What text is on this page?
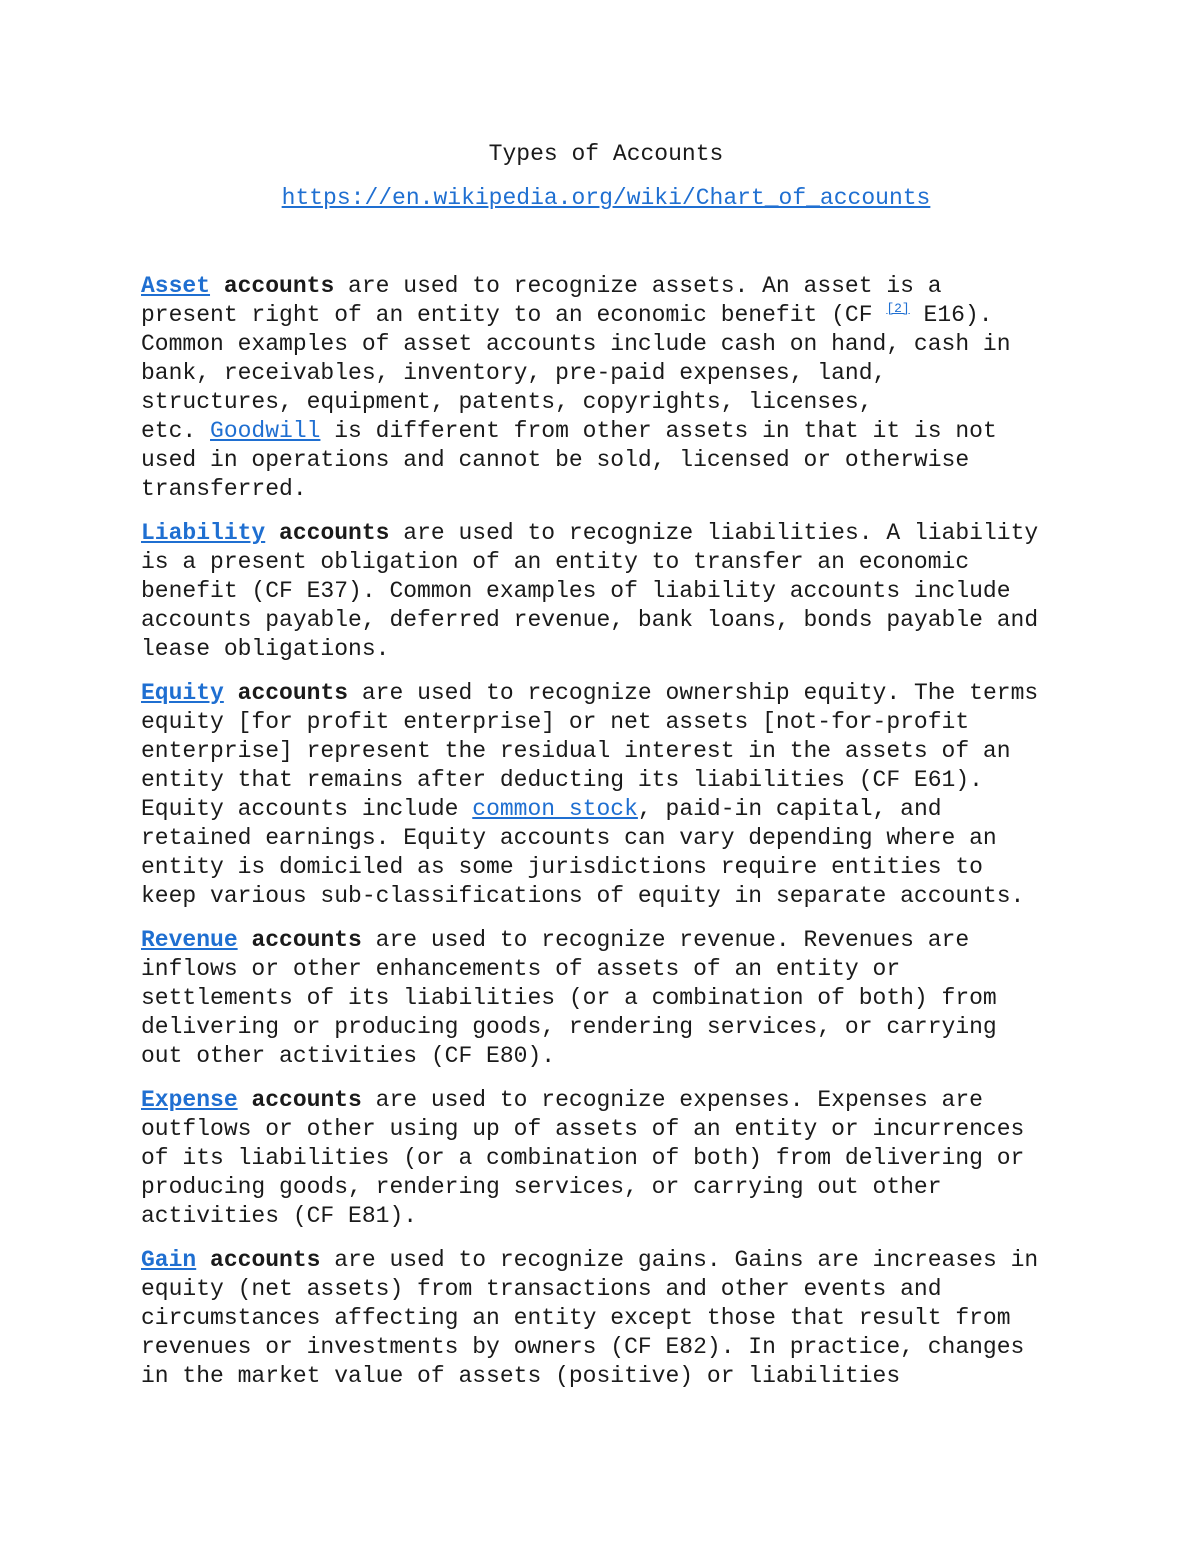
Types of Accounts

https://en.wikipedia.org/wiki/Chart_of_accounts

Asset accounts are used to recognize assets. An asset is a
present right of an entity to an economic benefit (CF [2] E16).
Common examples of asset accounts include cash on hand, cash in
bank, receivables, inventory, pre-paid expenses, land,
structures, equipment, patents, copyrights, licenses,
etc. Goodwill is different from other assets in that it is not
used in operations and cannot be sold, licensed or otherwise
transferred.

Liability accounts are used to recognize liabilities. A liability
is a present obligation of an entity to transfer an economic
benefit (CF E37). Common examples of liability accounts include
accounts payable, deferred revenue, bank loans, bonds payable and
lease obligations.

Equity accounts are used to recognize ownership equity. The terms
equity [for profit enterprise] or net assets [not-for-profit
enterprise] represent the residual interest in the assets of an
entity that remains after deducting its liabilities (CF E61).
Equity accounts include common stock, paid-in capital, and
retained earnings. Equity accounts can vary depending where an
entity is domiciled as some jurisdictions require entities to
keep various sub-classifications of equity in separate accounts.

Revenue accounts are used to recognize revenue. Revenues are
inflows or other enhancements of assets of an entity or
settlements of its liabilities (or a combination of both) from
delivering or producing goods, rendering services, or carrying
out other activities (CF E80).

Expense accounts are used to recognize expenses. Expenses are
outflows or other using up of assets of an entity or incurrences
of its liabilities (or a combination of both) from delivering or
producing goods, rendering services, or carrying out other
activities (CF E81).

Gain accounts are used to recognize gains. Gains are increases in
equity (net assets) from transactions and other events and
circumstances affecting an entity except those that result from
revenues or investments by owners (CF E82). In practice, changes
in the market value of assets (positive) or liabilities
